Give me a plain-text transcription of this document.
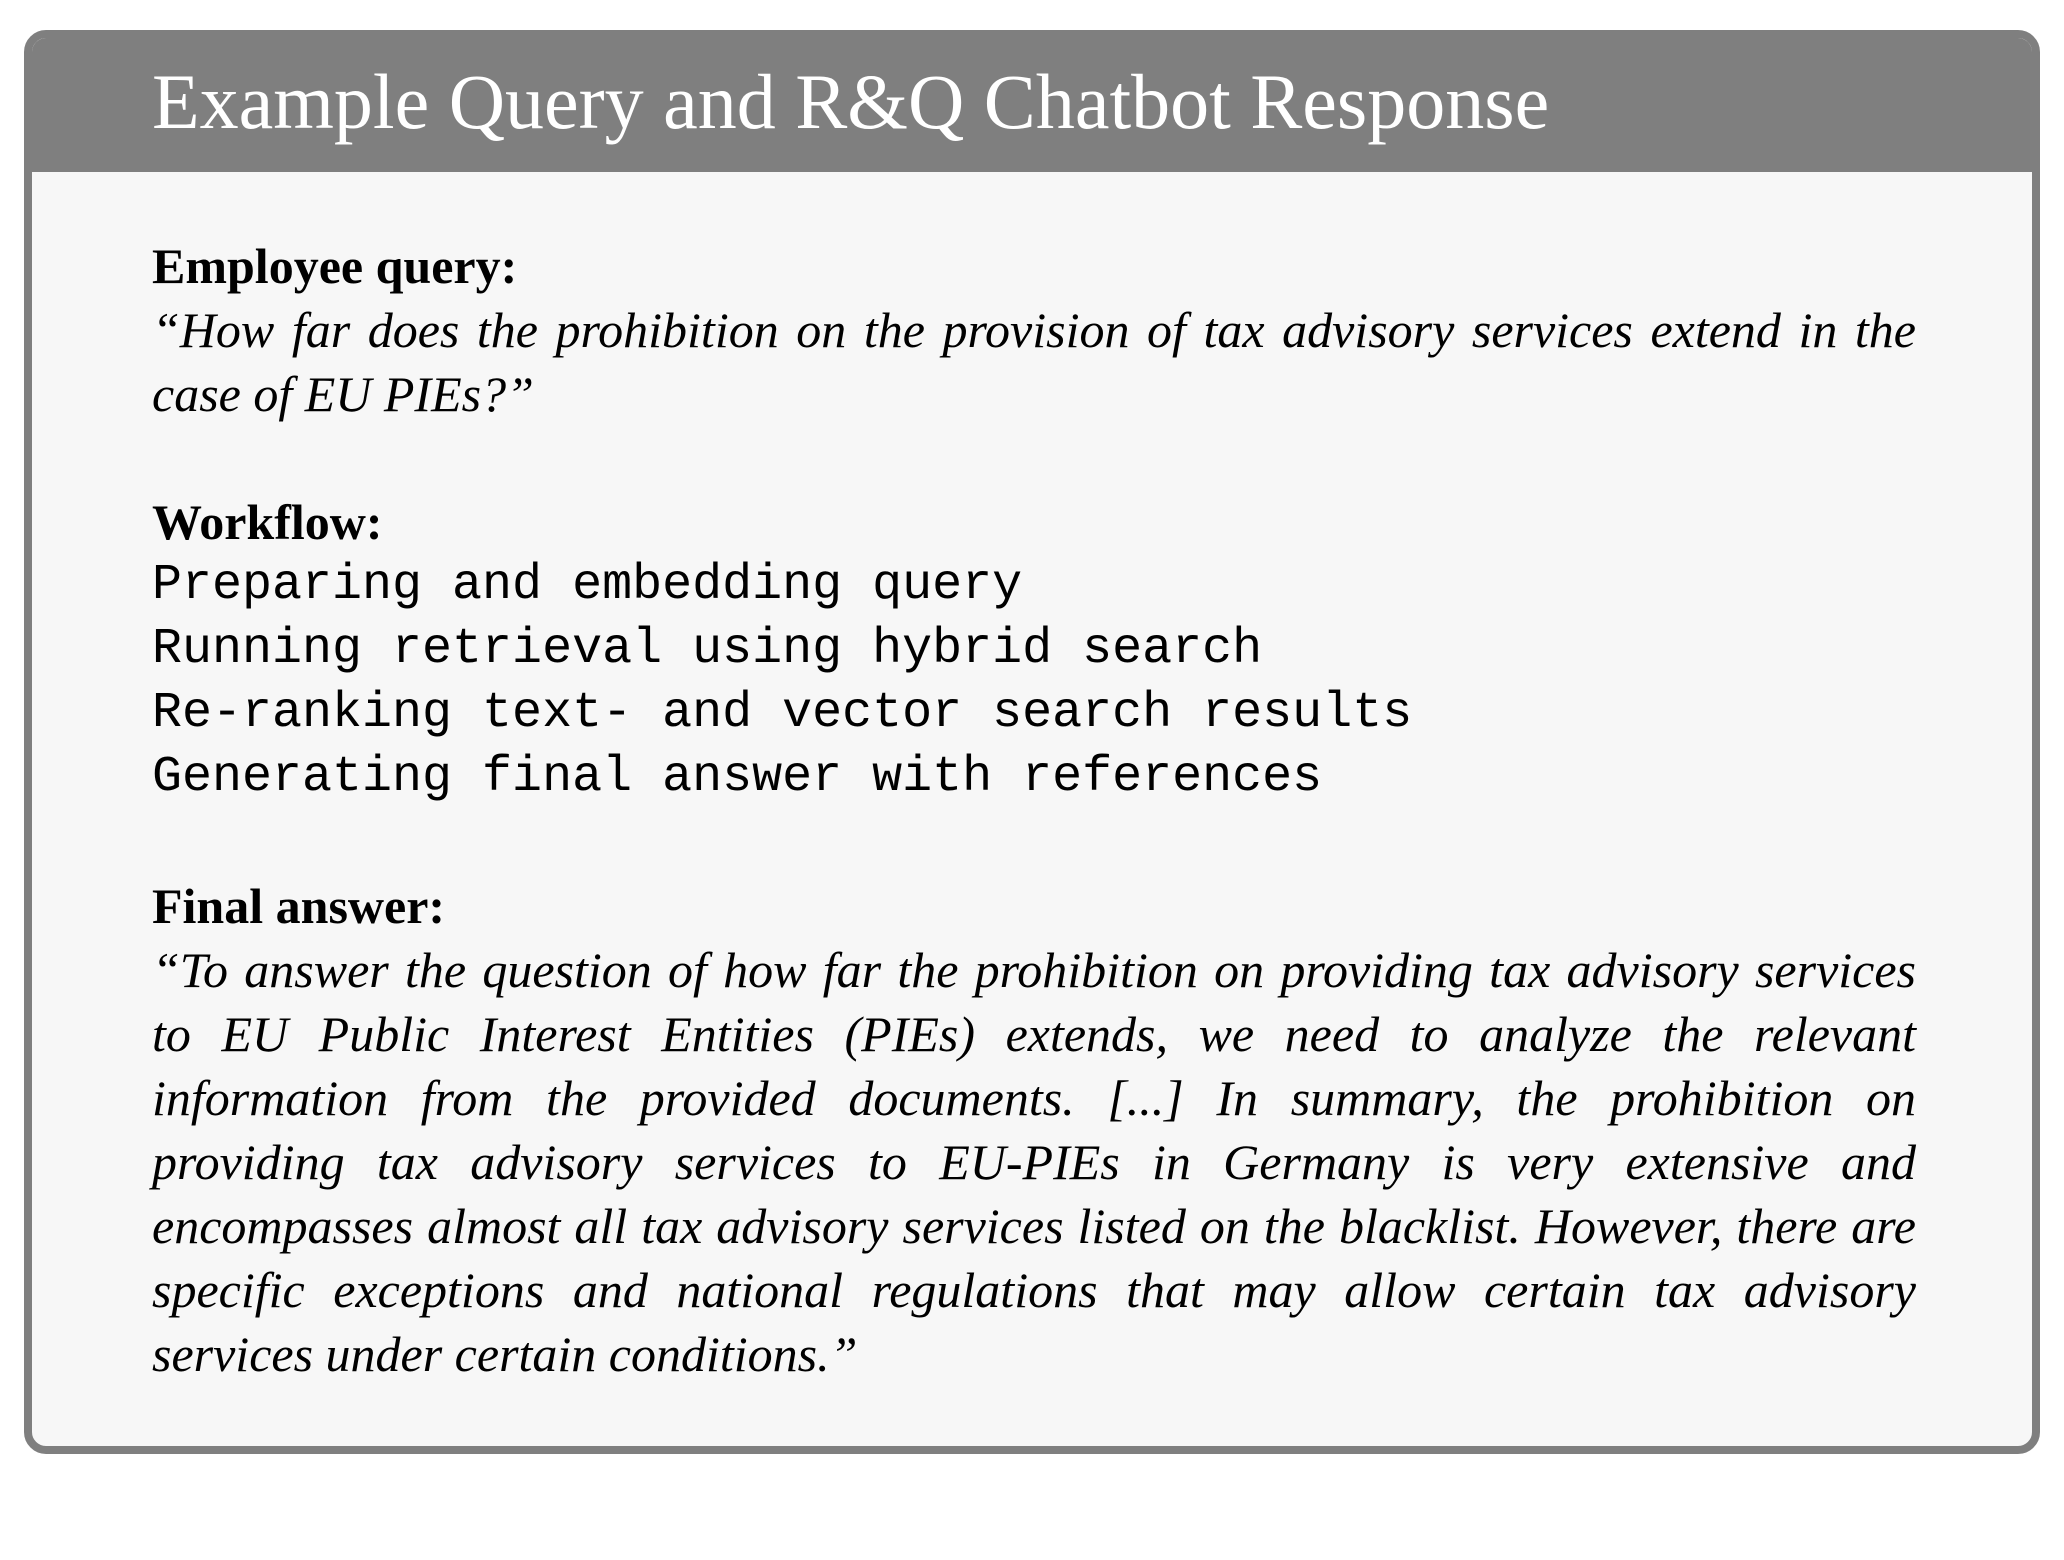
Example Query and R&Q Chatbot Response

Employee query:

“How far does the prohibition on the provision of tax advisory services extend in the case of EU PIEs?”

Workflow:

Preparing and embedding query
Running retrieval using hybrid search
Re-ranking text- and vector search results
Generating final answer with references

Final answer:

“To answer the question of how far the prohibition on providing tax advisory services to EU Public Interest Entities (PIEs) extends, we need to analyze the relevant information from the provided documents. [...] In summary, the prohibition on providing tax advisory services to EU-PIEs in Germany is very extensive and encompasses almost all tax advisory services listed on the blacklist. However, there are specific exceptions and national regulations that may allow certain tax advisory services under certain conditions.”
